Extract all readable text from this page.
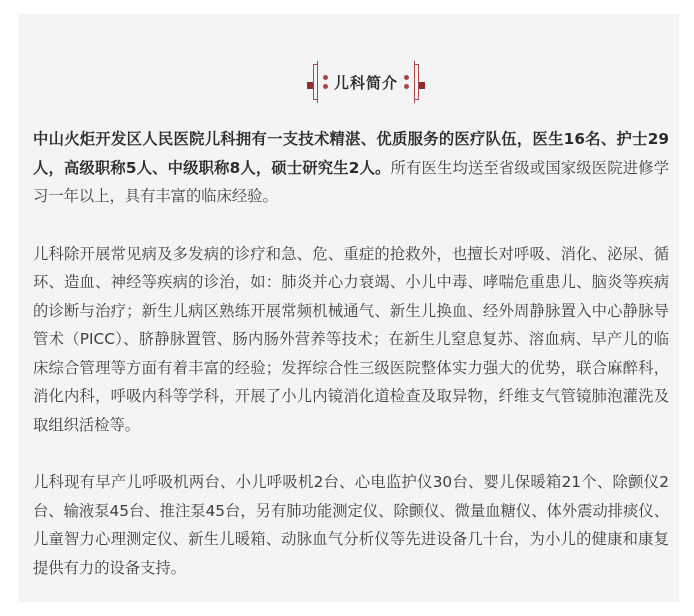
儿科简介

中山火炬开发区人民医院儿科拥有一支技术精湛、优质服务的医疗队伍，医生16名、护士29人，高级职称5人、中级职称8人，硕士研究生2人。所有医生均送至省级或国家级医院进修学习一年以上，具有丰富的临床经验。

儿科除开展常见病及多发病的诊疗和急、危、重症的抢救外，也擅长对呼吸、消化、泌尿、循环、造血、神经等疾病的诊治，如：肺炎并心力衰竭、小儿中毒、哮喘危重患儿、脑炎等疾病的诊断与治疗；新生儿病区熟练开展常频机械通气、新生儿换血、经外周静脉置入中心静脉导管术（PICC）、脐静脉置管、肠内肠外营养等技术；在新生儿窒息复苏、溶血病、早产儿的临床综合管理等方面有着丰富的经验；发挥综合性三级医院整体实力强大的优势，联合麻醉科，消化内科，呼吸内科等学科，开展了小儿内镜消化道检查及取异物，纤维支气管镜肺泡灌洗及取组织活检等。

儿科现有早产儿呼吸机两台、小儿呼吸机2台、心电监护仪30台、婴儿保暖箱21个、除颤仪2台、输液泵45台、推注泵45台，另有肺功能测定仪、除颤仪、微量血糖仪、体外震动排痰仪、儿童智力心理测定仪、新生儿暖箱、动脉血气分析仪等先进设备几十台，为小儿的健康和康复提供有力的设备支持。
